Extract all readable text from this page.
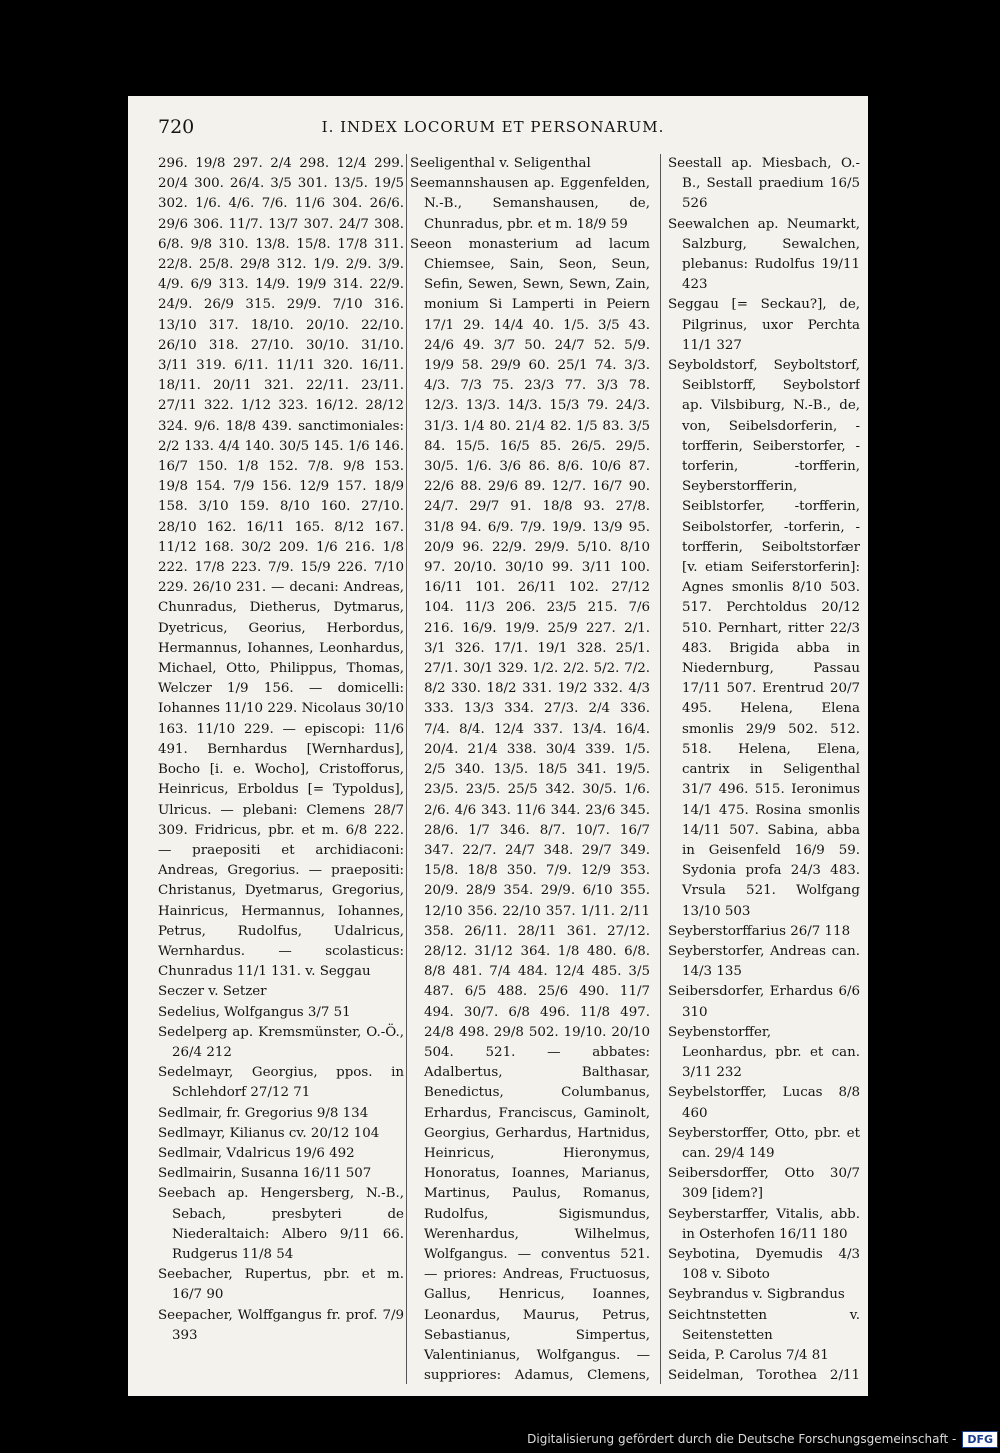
720	I. INDEX LOCORUM ET PERSONARUM.

296. 19/8 297. 2/4 298. 12/4 299. 20/4 300. 26/4. 3/5 301. 13/5. 19/5 302. 1/6. 4/6. 7/6. 11/6 304. 26/6. 29/6 306. 11/7. 13/7 307. 24/7 308. 6/8. 9/8 310. 13/8. 15/8. 17/8 311. 22/8. 25/8. 29/8 312. 1/9. 2/9. 3/9. 4/9. 6/9 313. 14/9. 19/9 314. 22/9. 24/9. 26/9 315. 29/9. 7/10 316. 13/10 317. 18/10. 20/10. 22/10. 26/10 318. 27/10. 30/10. 31/10. 3/11 319. 6/11. 11/11 320. 16/11. 18/11. 20/11 321. 22/11. 23/11. 27/11 322. 1/12 323. 16/12. 28/12 324. 9/6. 18/8 439. sanctimoniales: 2/2 133. 4/4 140. 30/5 145. 1/6 146. 16/7 150. 1/8 152. 7/8. 9/8 153. 19/8 154. 7/9 156. 12/9 157. 18/9 158. 3/10 159. 8/10 160. 27/10. 28/10 162. 16/11 165. 8/12 167. 11/12 168. 30/2 209. 1/6 216. 1/8 222. 17/8 223. 7/9. 15/9 226. 7/10 229. 26/10 231. — decani: Andreas, Chunradus, Dietherus, Dytmarus, Dyetricus, Georius, Herbordus, Hermannus, Iohannes, Leonhardus, Michael, Otto, Philippus, Thomas, Welczer 1/9 156. — domicelli: Iohannes 11/10 229. Nicolaus 30/10 163. 11/10 229. — episcopi: 11/6 491. Bernhardus [Wernhardus], Bocho [i. e. Wocho], Cristofforus, Heinricus, Erboldus [= Typoldus], Ulricus. — plebani: Clemens 28/7 309. Fridricus, pbr. et m. 6/8 222. — praepositi et archidiaconi: Andreas, Gregorius. — praepositi: Christanus, Dyetmarus, Gregorius, Hainricus, Hermannus, Iohannes, Petrus, Rudolfus, Udalricus, Wernhardus. — scolasticus: Chunradus 11/1 131. v. Seggau

Seczer v. Setzer

Sedelius, Wolfgangus 3/7 51

Sedelperg ap. Kremsmünster, O.-Ö., 26/4 212

Sedelmayr, Georgius, ppos. in Schlehdorf 27/12 71

Sedlmair, fr. Gregorius 9/8 134

Sedlmayr, Kilianus cv. 20/12 104

Sedlmair, Vdalricus 19/6 492

Sedlmairin, Susanna 16/11 507

Seebach ap. Hengersberg, N.-B., Sebach, presbyteri de Niederaltaich: Albero 9/11 66. Rudgerus 11/8 54

Seebacher, Rupertus, pbr. et m. 16/7 90

Seepacher, Wolffgangus fr. prof. 7/9 393

Seeligenthal v. Seligenthal

Seemannshausen ap. Eggenfelden, N.-B., Semanshausen, de, Chunradus, pbr. et m. 18/9 59

Seeon monasterium ad lacum Chiemsee, Sain, Seon, Seun, Sefin, Sewen, Sewn, Sewn, Zain, monium Si Lamperti in Peiern 17/1 29. 14/4 40. 1/5. 3/5 43. 24/6 49. 3/7 50. 24/7 52. 5/9. 19/9 58. 29/9 60. 25/1 74. 3/3. 4/3. 7/3 75. 23/3 77. 3/3 78. 12/3. 13/3. 14/3. 15/3 79. 24/3. 31/3. 1/4 80. 21/4 82. 1/5 83. 3/5 84. 15/5. 16/5 85. 26/5. 29/5. 30/5. 1/6. 3/6 86. 8/6. 10/6 87. 22/6 88. 29/6 89. 12/7. 16/7 90. 24/7. 29/7 91. 18/8 93. 27/8. 31/8 94. 6/9. 7/9. 19/9. 13/9 95. 20/9 96. 22/9. 29/9. 5/10. 8/10 97. 20/10. 30/10 99. 3/11 100. 16/11 101. 26/11 102. 27/12 104. 11/3 206. 23/5 215. 7/6 216. 16/9. 19/9. 25/9 227. 2/1. 3/1 326. 17/1. 19/1 328. 25/1. 27/1. 30/1 329. 1/2. 2/2. 5/2. 7/2. 8/2 330. 18/2 331. 19/2 332. 4/3 333. 13/3 334. 27/3. 2/4 336. 7/4. 8/4. 12/4 337. 13/4. 16/4. 20/4. 21/4 338. 30/4 339. 1/5. 2/5 340. 13/5. 18/5 341. 19/5. 23/5. 23/5. 25/5 342. 30/5. 1/6. 2/6. 4/6 343. 11/6 344. 23/6 345. 28/6. 1/7 346. 8/7. 10/7. 16/7 347. 22/7. 24/7 348. 29/7 349. 15/8. 18/8 350. 7/9. 12/9 353. 20/9. 28/9 354. 29/9. 6/10 355. 12/10 356. 22/10 357. 1/11. 2/11 358. 26/11. 28/11 361. 27/12. 28/12. 31/12 364. 1/8 480. 6/8. 8/8 481. 7/4 484. 12/4 485. 3/5 487. 6/5 488. 25/6 490. 11/7 494. 30/7. 6/8 496. 11/8 497. 24/8 498. 29/8 502. 19/10. 20/10 504. 521. — abbates: Adalbertus, Balthasar, Benedictus, Columbanus, Erhardus, Franciscus, Gaminolt, Georgius, Gerhardus, Hartnidus, Heinricus, Hieronymus, Honoratus, Ioannes, Marianus, Martinus, Paulus, Romanus, Rudolfus, Sigismundus, Werenhardus, Wilhelmus, Wolfgangus. — conventus 521. — priores: Andreas, Fructuosus, Gallus, Henricus, Ioannes, Leonardus, Maurus, Petrus, Sebastianus, Simpertus, Valentinianus, Wolfgangus. — suppriores: Adamus, Clemens,

Seestall ap. Miesbach, O.-B., Sestall praedium 16/5 526

Seewalchen ap. Neumarkt, Salzburg, Sewalchen, plebanus: Rudolfus 19/11 423

Seggau [= Seckau?], de, Pilgrinus, uxor Perchta 11/1 327

Seyboldstorf, Seyboltstorf, Seiblstorff, Seybolstorf ap. Vilsbiburg, N.-B., de, von, Seibelsdorferin, -torfferin, Seiberstorfer, -torferin, -torfferin, Seyberstorfferin, Seiblstorfer, -torfferin, Seibolstorfer, -torferin, -torfferin, Seiboltstorfær [v. etiam Seiferstorferin]: Agnes smonlis 8/10 503. 517. Perchtoldus 20/12 510. Pernhart, ritter 22/3 483. Brigida abba in Niedernburg, Passau 17/11 507. Erentrud 20/7 495. Helena, Elena smonlis 29/9 502. 512. 518. Helena, Elena, cantrix in Seligenthal 31/7 496. 515. Ieronimus 14/1 475. Rosina smonlis 14/11 507. Sabina, abba in Geisenfeld 16/9 59. Sydonia profa 24/3 483. Vrsula 521. Wolfgang 13/10 503

Seyberstorffarius 26/7 118

Seyberstorfer, Andreas can. 14/3 135

Seibersdorfer, Erhardus 6/6 310

Seybenstorffer, Leonhardus, pbr. et can. 3/11 232

Seybelstorffer, Lucas 8/8 460

Seyberstorffer, Otto, pbr. et can. 29/4 149

Seibersdorffer, Otto 30/7 309 [idem?]

Seyberstarffer, Vitalis, abb. in Osterhofen 16/11 180

Seybotina, Dyemudis 4/3 108 v. Siboto

Seybrandus v. Sigbrandus

Seichtnstetten v. Seitenstetten

Seida, P. Carolus 7/4 81

Seidelman, Torothea 2/11

Digitalisierung gefördert durch die Deutsche Forschungsgemeinschaft -	DFG
